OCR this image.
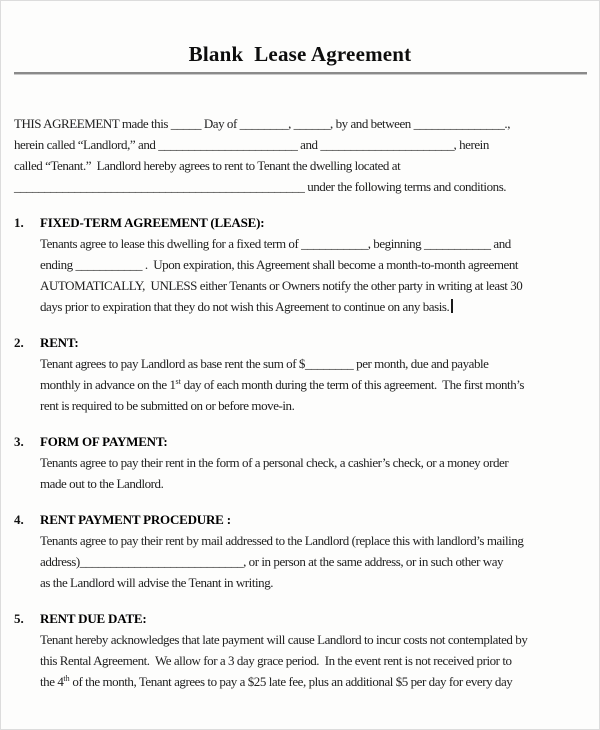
Blank  Lease Agreement
THIS AGREEMENT made this _____ Day of ________, ______, by and between _______________.,
herein called “Landlord,” and _______________________ and ______________________, herein
called “Tenant.”  Landlord hereby agrees to rent to Tenant the dwelling located at
________________________________________________ under the following terms and conditions.
1.	FIXED-TERM AGREEMENT (LEASE):
Tenants agree to lease this dwelling for a fixed term of ___________, beginning ___________ and
ending ___________ .  Upon expiration, this Agreement shall become a month-to-month agreement
AUTOMATICALLY,  UNLESS either Tenants or Owners notify the other party in writing at least 30
days prior to expiration that they do not wish this Agreement to continue on any basis.
2.	RENT:
Tenant agrees to pay Landlord as base rent the sum of $________ per month, due and payable
monthly in advance on the 1st day of each month during the term of this agreement.  The first month’s
rent is required to be submitted on or before move-in.
3.	FORM OF PAYMENT:
Tenants agree to pay their rent in the form of a personal check, a cashier’s check, or a money order
made out to the Landlord.
4.	RENT PAYMENT PROCEDURE :
Tenants agree to pay their rent by mail addressed to the Landlord (replace this with landlord’s mailing
address)___________________________, or in person at the same address, or in such other way
as the Landlord will advise the Tenant in writing.
5.	RENT DUE DATE:
Tenant hereby acknowledges that late payment will cause Landlord to incur costs not contemplated by
this Rental Agreement.  We allow for a 3 day grace period.  In the event rent is not received prior to
the 4th of the month, Tenant agrees to pay a $25 late fee, plus an additional $5 per day for every day
